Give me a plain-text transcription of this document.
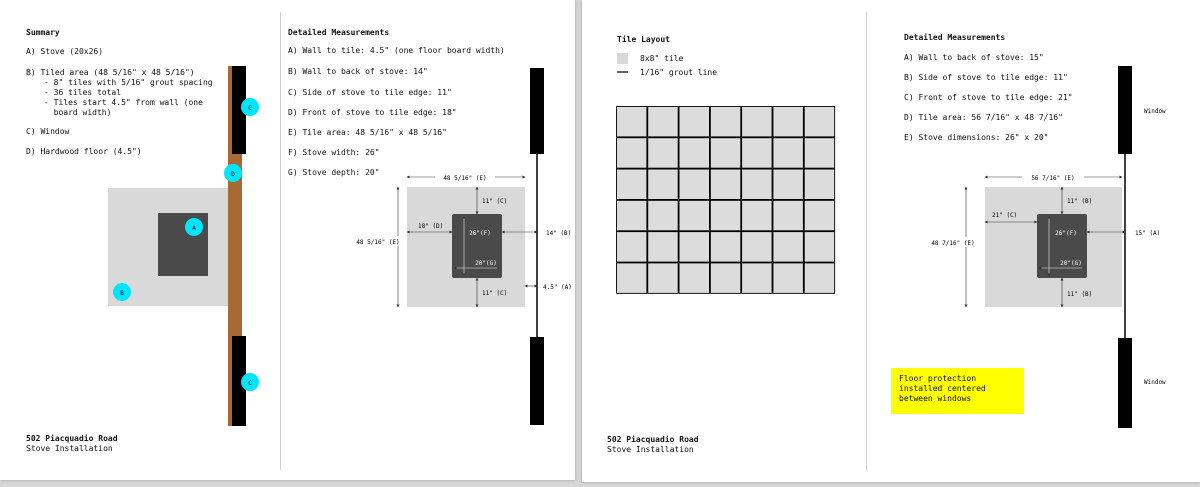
Summary
A) Stove (20x26)
B) Tiled area (48 5/16" x 48 5/16")
- 8" tiles with 5/16" grout spacing
- 36 tiles total
- Tiles start 4.5" from wall (one
board width)
C) Window
D) Hardwood floor (4.5")
A
B
C
D
C
502 Piacquadio Road
Stove Installation
Detailed Measurements
A) Wall to tile: 4.5" (one floor board width)
B) Wall to back of stove: 14"
C) Side of stove to tile edge: 11"
D) Front of stove to tile edge: 18"
E) Tile area: 48 5/16" x 48 5/16"
F) Stove width: 26"
G) Stove depth: 20"
48 5/16" (E)
48 5/16" (E)
11" (C)
11" (C)
18" (D)
14" (B)
4.5" (A)
26"(F)
20"(G)
Tile Layout
8x8" tile
1/16" grout line
502 Piacquadio Road
Stove Installation
Detailed Measurements
A) Wall to back of stove: 15"
B) Side of stove to tile edge: 11"
C) Front of stove to tile edge: 21"
D) Tile area: 56 7/16" x 48 7/16"
E) Stove dimensions: 26" x 20"
Window
Window
56 7/16" (E)
48 7/16" (E)
11" (B)
11" (B)
21" (C)
15" (A)
26"(F)
20"(G)
Floor protection installed centered between windows
